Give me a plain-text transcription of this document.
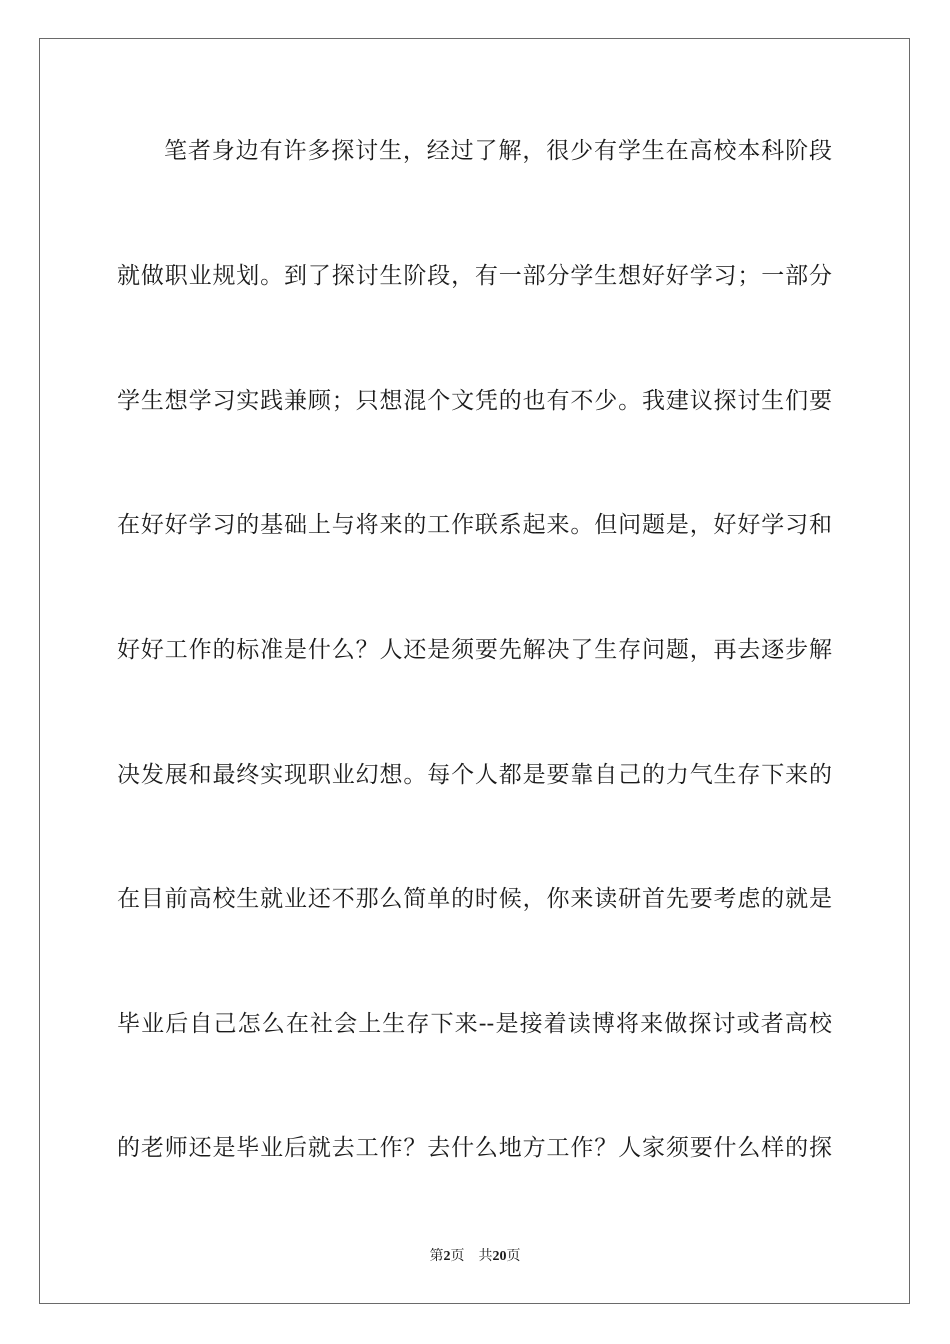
笔者身边有许多探讨生，经过了解，很少有学生在高校本科阶段
就做职业规划。到了探讨生阶段，有一部分学生想好好学习；一部分
学生想学习实践兼顾；只想混个文凭的也有不少。我建议探讨生们要
在好好学习的基础上与将来的工作联系起来。但问题是，好好学习和
好好工作的标准是什么？人还是须要先解决了生存问题，再去逐步解
决发展和最终实现职业幻想。每个人都是要靠自己的力气生存下来的
在目前高校生就业还不那么简单的时候，你来读研首先要考虑的就是
毕业后自己怎么在社会上生存下来--是接着读博将来做探讨或者高校
的老师还是毕业后就去工作？去什么地方工作？人家须要什么样的探
第2页 共20页
